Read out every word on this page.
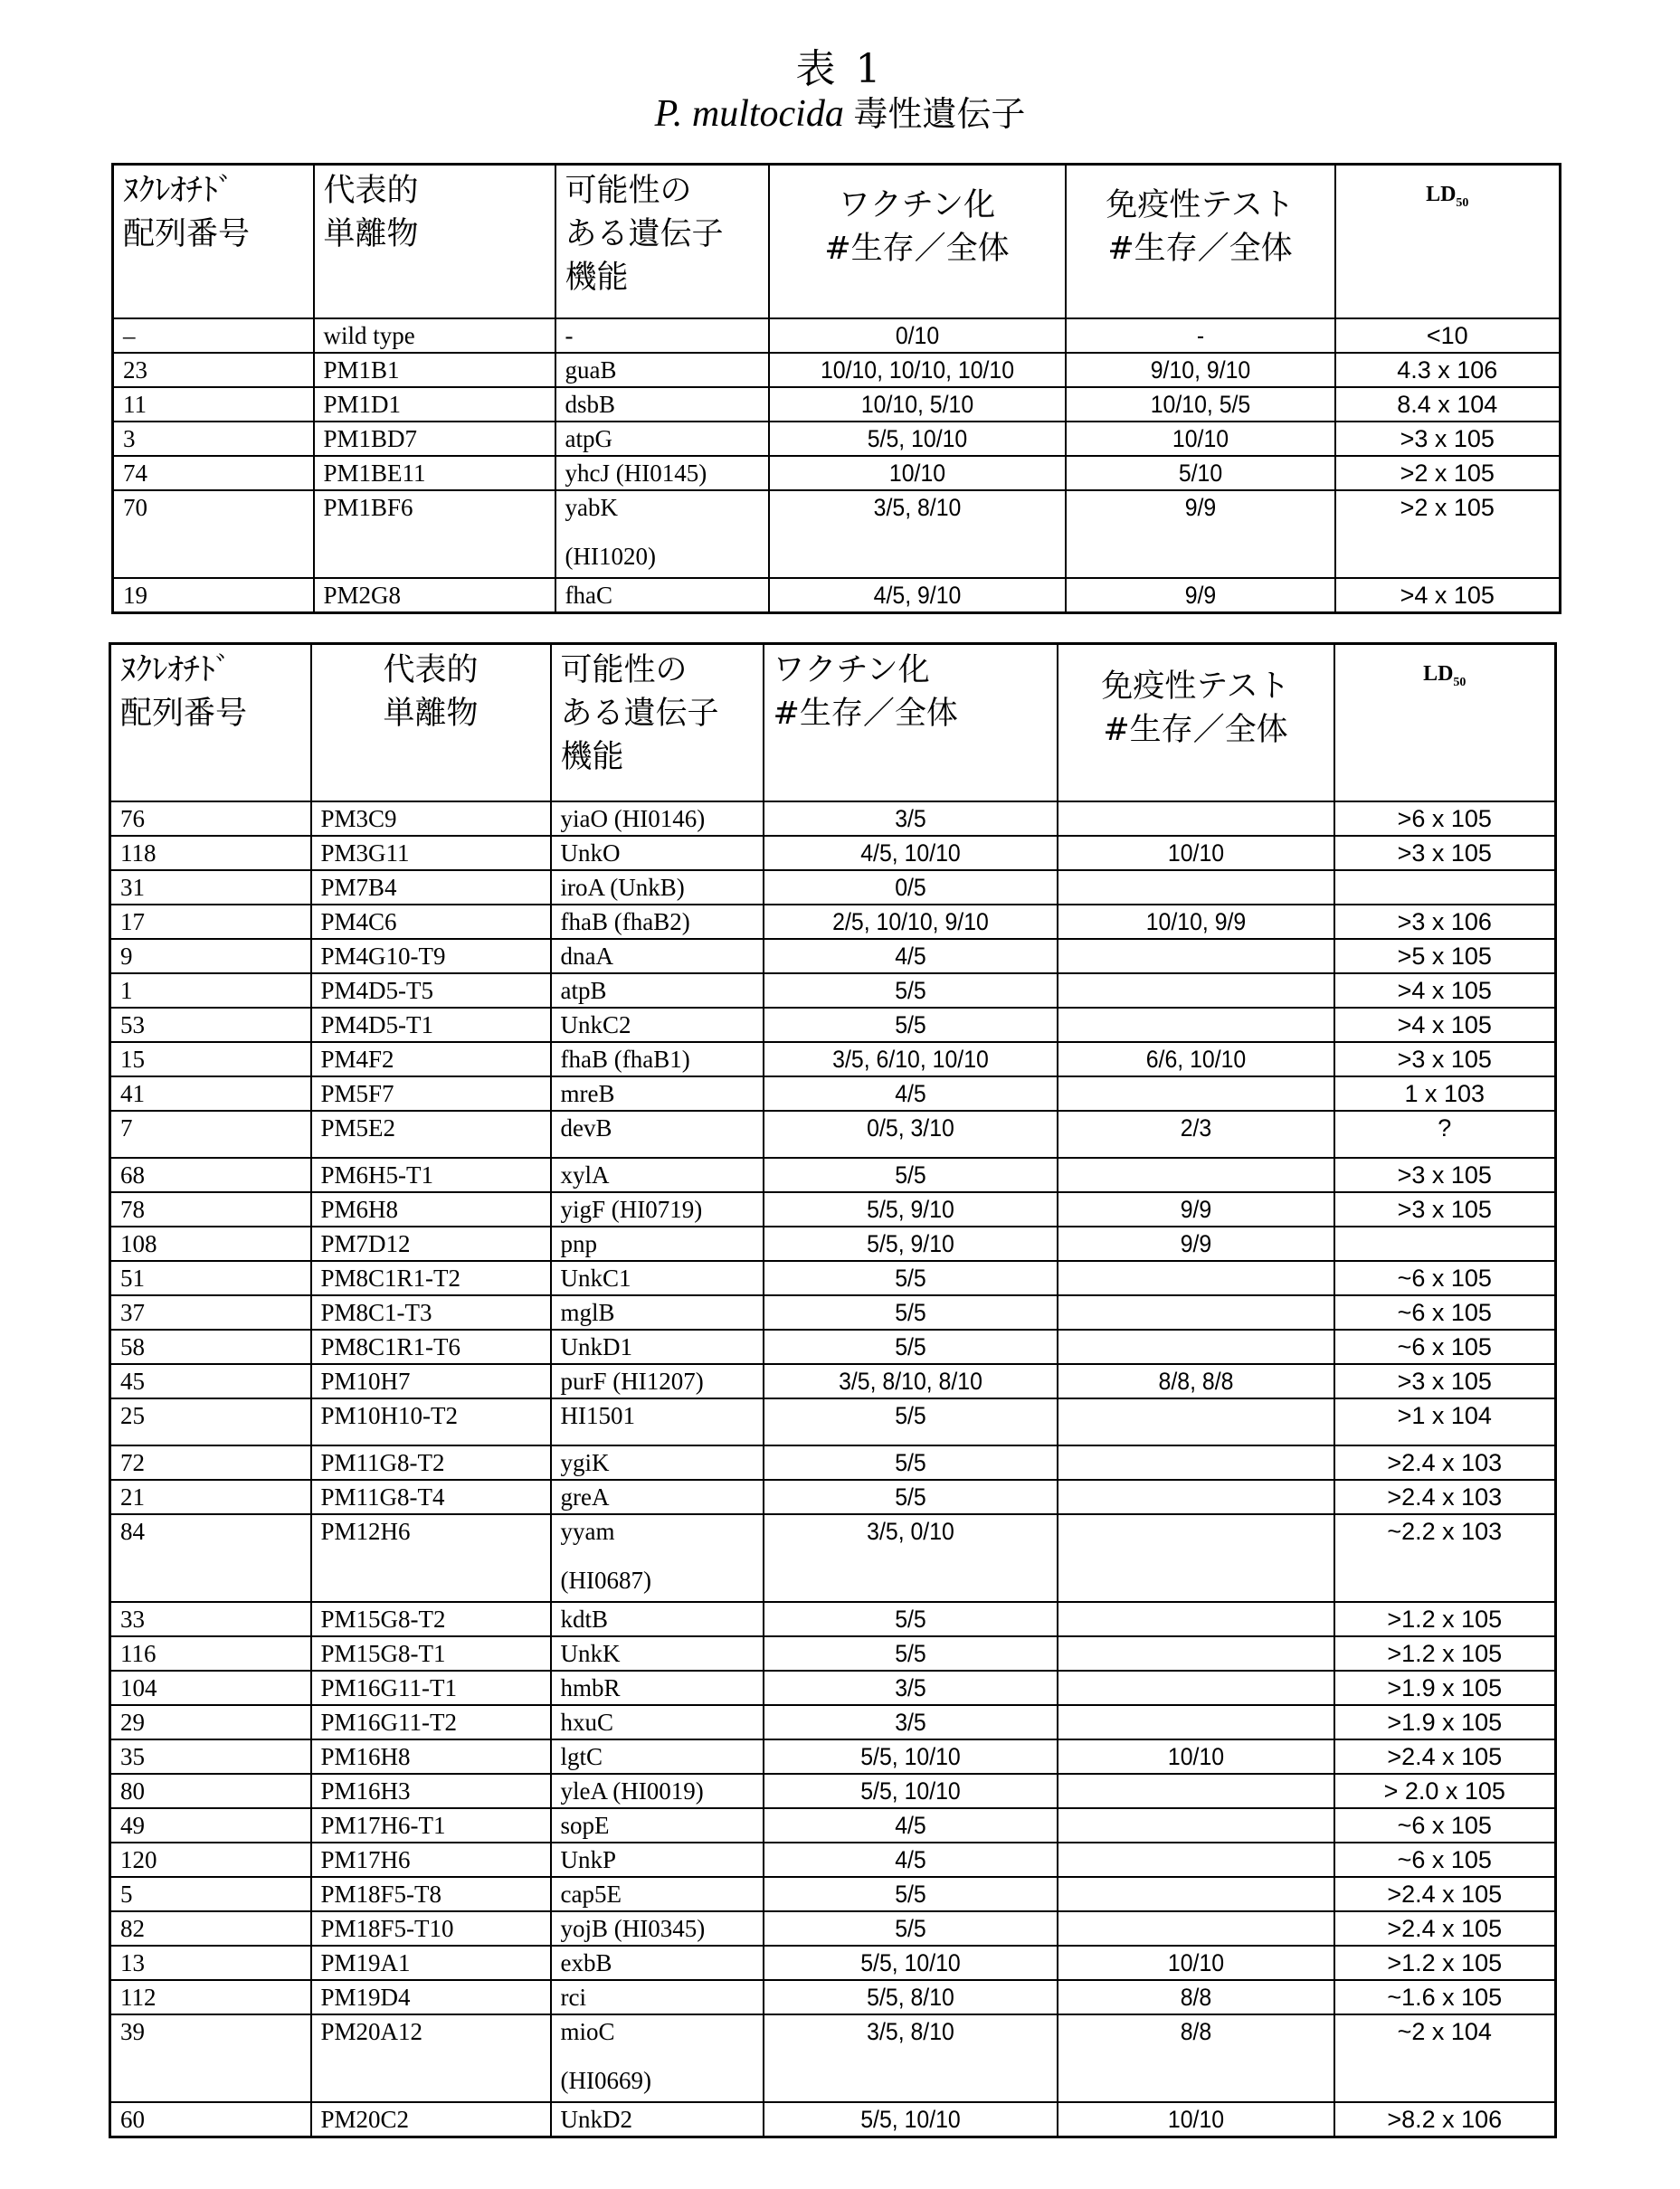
表 1
P. multocida 毒性遺伝子
ﾇｸﾚｵﾁﾄﾞ
配列番号

代表的
単離物

可能性の
ある遺伝子
機能

ワクチン化
#生存／全体

免疫性テスト
#生存／全体
	LD50
–	wild type	-	0/10	-	<10
23	PM1B1	guaB	10/10, 10/10, 10/10	9/10, 9/10	4.3 x 106
11	PM1D1	dsbB	10/10, 5/10	10/10, 5/5	8.4 x 104
3	PM1BD7	atpG	5/5, 10/10	10/10	>3 x 105
74	PM1BE11	yhcJ (HI0145)	10/10	5/10	>2 x 105
70	PM1BF6	yabK
(HI1020)
	3/5, 8/10	9/9	>2 x 105
19	PM2G8	fhaC	4/5, 9/10	9/9	>4 x 105
ﾇｸﾚｵﾁﾄﾞ
配列番号

代表的
単離物

可能性の
ある遺伝子
機能

ワクチン化
#生存／全体

免疫性テスト
#生存／全体
	LD50
76	PM3C9	yiaO (HI0146)	3/5		>6 x 105
118	PM3G11	UnkO	4/5, 10/10	10/10	>3 x 105
31	PM7B4	iroA (UnkB)	0/5		
17	PM4C6	fhaB (fhaB2)	2/5, 10/10, 9/10	10/10, 9/9	>3 x 106
9	PM4G10-T9	dnaA	4/5		>5 x 105
1	PM4D5-T5	atpB	5/5		>4 x 105
53	PM4D5-T1	UnkC2	5/5		>4 x 105
15	PM4F2	fhaB (fhaB1)	3/5, 6/10, 10/10	6/6, 10/10	>3 x 105
41	PM5F7	mreB	4/5		1 x 103
7	PM5E2	devB	0/5, 3/10	2/3	?
68	PM6H5-T1	xylA	5/5		>3 x 105
78	PM6H8	yigF (HI0719)	5/5, 9/10	9/9	>3 x 105
108	PM7D12	pnp	5/5, 9/10	9/9	
51	PM8C1R1-T2	UnkC1	5/5		~6 x 105
37	PM8C1-T3	mglB	5/5		~6 x 105
58	PM8C1R1-T6	UnkD1	5/5		~6 x 105
45	PM10H7	purF (HI1207)	3/5, 8/10, 8/10	8/8, 8/8	>3 x 105
25	PM10H10-T2	HI1501	5/5		>1 x 104
72	PM11G8-T2	ygiK	5/5		>2.4 x 103
21	PM11G8-T4	greA	5/5		>2.4 x 103
84	PM12H6	yyam
(HI0687)
	3/5, 0/10		~2.2 x 103
33	PM15G8-T2	kdtB	5/5		>1.2 x 105
116	PM15G8-T1	UnkK	5/5		>1.2 x 105
104	PM16G11-T1	hmbR	3/5		>1.9 x 105
29	PM16G11-T2	hxuC	3/5		>1.9 x 105
35	PM16H8	lgtC	5/5, 10/10	10/10	>2.4 x 105
80	PM16H3	yleA (HI0019)	5/5, 10/10		> 2.0 x 105
49	PM17H6-T1	sopE	4/5		~6 x 105
120	PM17H6	UnkP	4/5		~6 x 105
5	PM18F5-T8	cap5E	5/5		>2.4 x 105
82	PM18F5-T10	yojB (HI0345)	5/5		>2.4 x 105
13	PM19A1	exbB	5/5, 10/10	10/10	>1.2 x 105
112	PM19D4	rci	5/5, 8/10	8/8	~1.6 x 105
39	PM20A12	mioC
(HI0669)
	3/5, 8/10	8/8	~2 x 104
60	PM20C2	UnkD2	5/5, 10/10	10/10	>8.2 x 106
